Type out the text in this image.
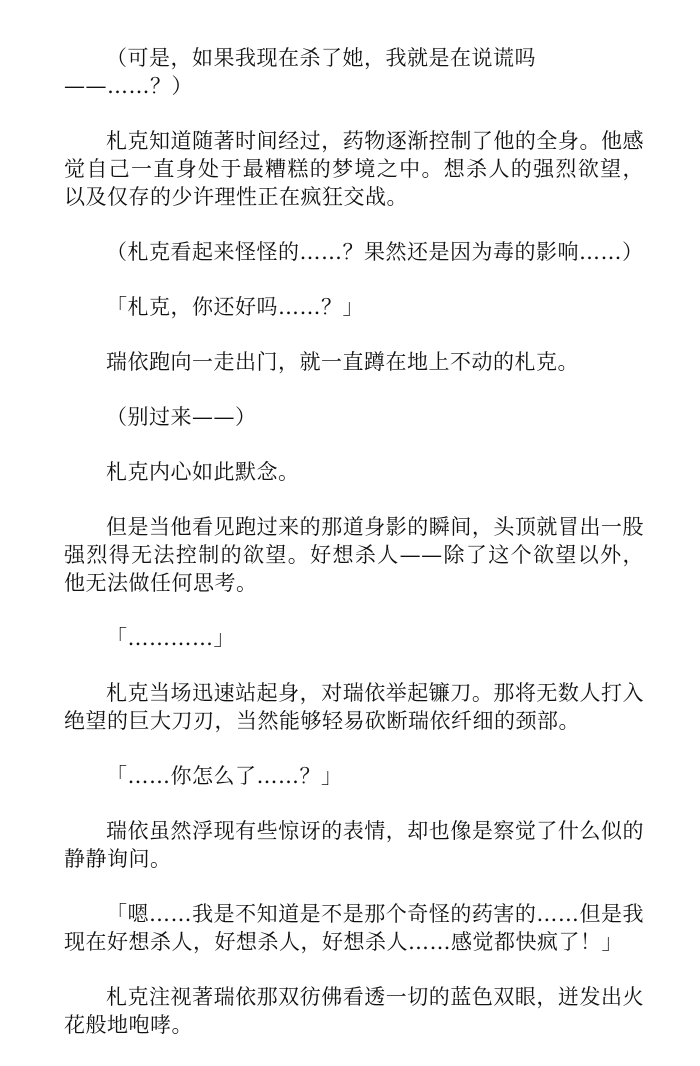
（可是，如果我现在杀了她，我就是在说谎吗
——……？）

札克知道随著时间经过，药物逐渐控制了他的全身。他感觉自己一直身处于最糟糕的梦境之中。想杀人的强烈欲望，以及仅存的少许理性正在疯狂交战。

（札克看起来怪怪的……？果然还是因为毒的影响……）

「札克，你还好吗……？」

瑞依跑向一走出门，就一直蹲在地上不动的札克。

（别过来——）

札克内心如此默念。

但是当他看见跑过来的那道身影的瞬间，头顶就冒出一股强烈得无法控制的欲望。好想杀人——除了这个欲望以外，他无法做任何思考。

「…………」

札克当场迅速站起身，对瑞依举起镰刀。那将无数人打入绝望的巨大刀刃，当然能够轻易砍断瑞依纤细的颈部。

「……你怎么了……？」

瑞依虽然浮现有些惊讶的表情，却也像是察觉了什么似的静静询问。

「嗯……我是不知道是不是那个奇怪的药害的……但是我现在好想杀人，好想杀人，好想杀人……感觉都快疯了！」

札克注视著瑞依那双彷佛看透一切的蓝色双眼，迸发出火花般地咆哮。
